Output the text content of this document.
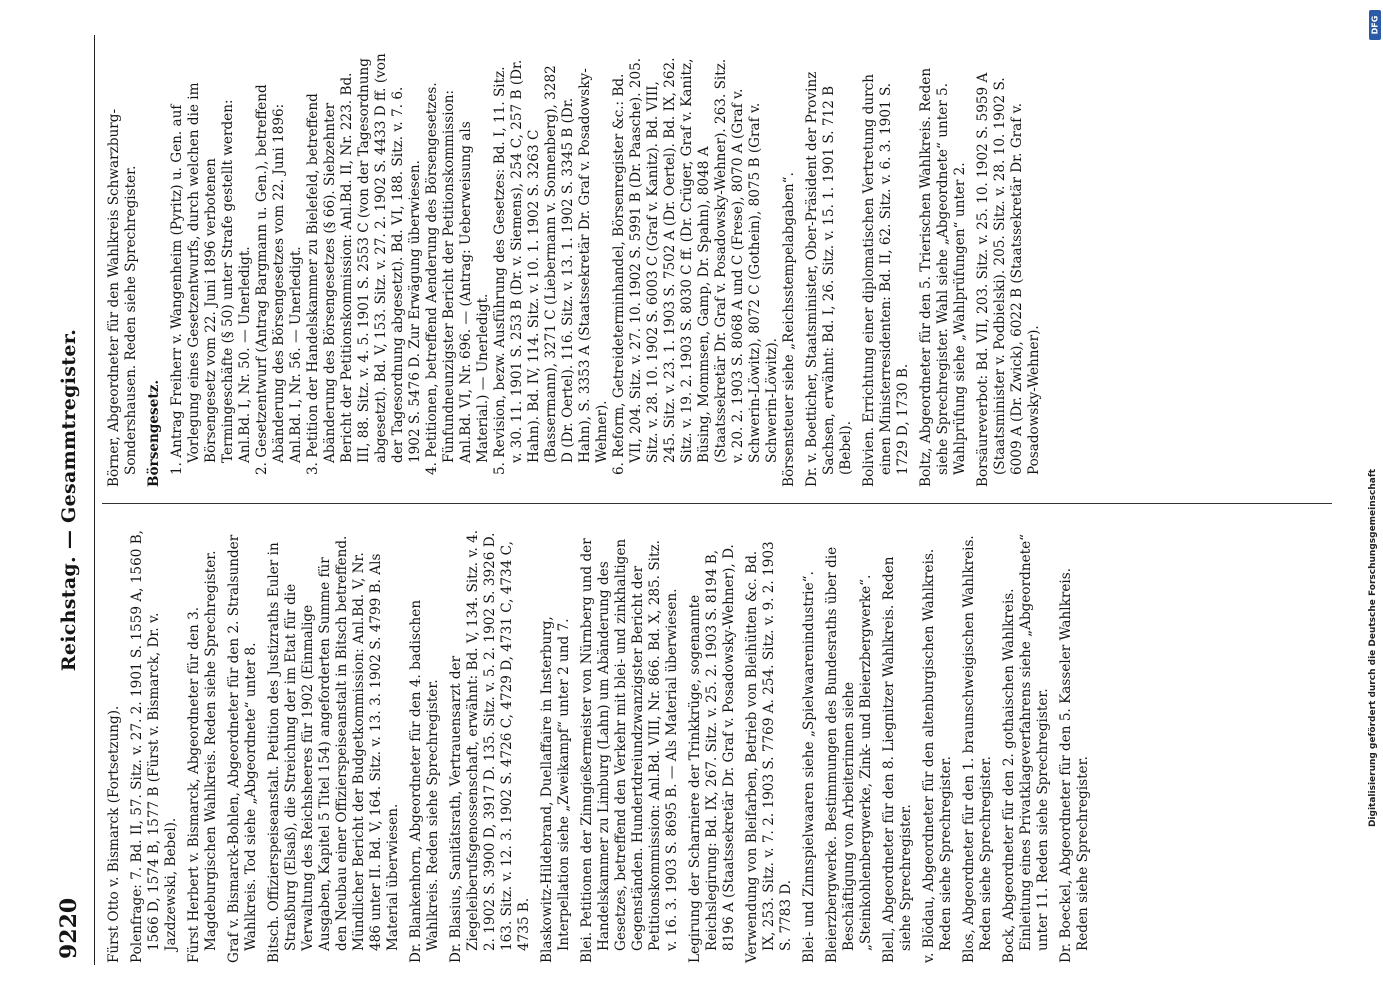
9220
Reichstag. — Gesammtregister.

Fürst Otto v. Bismarck (Fortsetzung). Polenfrage: 7. Bd. II, 57. Sitz. v. 27. 2. 1901 S. 1559 A, 1560 B, 1566 D, 1574 B, 1577 B (Fürst v. Bismarck, Dr. v. Jazdzewski, Bebel). Fürst Herbert v. Bismarck, Abgeordneter für den 3. Magdeburgischen Wahlkreis. Reden siehe Sprechregister. Graf v. Bismarck-Bohlen, Abgeordneter für den 2. Stralsunder Wahlkreis. Tod siehe „Abgeordnete“ unter 8. Bitsch. Offizierspeiseanstalt. Petition des Justizraths Euler in Straßburg (Elsaß), die Streichung der im Etat für die Verwaltung des Reichsheeres für 1902 (Einmalige Ausgaben, Kapitel 5 Titel 154) angeforderten Summe für den Neubau einer Offizierspeiseanstalt in Bitsch betreffend. Mündlicher Bericht der Budgetkommission: Anl.Bd. V, Nr. 486 unter II. Bd. V, 164. Sitz. v. 13. 3. 1902 S. 4799 B. Als Material überwiesen. Dr. Blankenhorn, Abgeordneter für den 4. badischen Wahlkreis. Reden siehe Sprechregister. Dr. Blasius, Sanitätsrath, Vertrauensarzt der Ziegeleiberufsgenossenschaft, erwähnt: Bd. V, 134. Sitz. v. 4. 2. 1902 S. 3900 D, 3917 D. 135. Sitz. v. 5. 2. 1902 S. 3926 D. 163. Sitz. v. 12. 3. 1902 S. 4726 C, 4729 D, 4731 C, 4734 C, 4735 B. Blaskowitz-Hildebrand, Duellaffaire in Insterburg, Interpellation siehe „Zweikampf“ unter 2 und 7. Blei. Petitionen der Zinngießermeister von Nürnberg und der Handelskammer zu Limburg (Lahn) um Abänderung des Gesetzes, betreffend den Verkehr mit blei- und zinkhaltigen Gegenständen. Hundertdreiundzwanzigster Bericht der Petitionskommission: Anl.Bd. VIII, Nr. 866. Bd. X, 285. Sitz. v. 16. 3. 1903 S. 8695 B. — Als Material überwiesen. Legirung der Scharniere der Trinkkrüge, sogenannte Reichslegirung: Bd. IX, 267. Sitz. v. 25. 2. 1903 S. 8194 B, 8196 A (Staatssekretär Dr. Graf v. Posadowsky-Wehner), D. Verwendung von Bleifarben, Betrieb von Bleihütten &c. Bd. IX, 253. Sitz. v. 7. 2. 1903 S. 7769 A. 254. Sitz. v. 9. 2. 1903 S. 7783 D. Blei- und Zinnspielwaaren siehe „Spielwaarenindustrie“. Bleierzbergwerke. Bestimmungen des Bundesraths über die Beschäftigung von Arbeiterinnen siehe „Steinkohlenbergwerke, Zink- und Bleierzbergwerke“. Blell, Abgeordneter für den 8. Liegnitzer Wahlkreis. Reden siehe Sprechregister. v. Blödau, Abgeordneter für den altenburgischen Wahlkreis. Reden siehe Sprechregister. Blos, Abgeordneter für den 1. braunschweigischen Wahlkreis. Reden siehe Sprechregister. Bock, Abgeordneter für den 2. gothaischen Wahlkreis. Einleitung eines Privatklageverfahrens siehe „Abgeordnete“ unter 11. Reden siehe Sprechregister. Dr. Boeckel, Abgeordneter für den 5. Kasseler Wahlkreis. Reden siehe Sprechregister.

Börner, Abgeordneter für den Wahlkreis Schwarzburg-Sondershausen. Reden siehe Sprechregister. Börsengesetz. 1. Antrag Freiherr v. Wangenheim (Pyritz) u. Gen. auf Vorlegung eines Gesetzentwurfs, durch welchen die im Börsengesetz vom 22. Juni 1896 verbotenen Termingeschäfte (§ 50) unter Strafe gestellt werden: Anl.Bd. I, Nr. 50. — Unerledigt. 2. Gesetzentwurf (Antrag Bargmann u. Gen.), betreffend Abänderung des Börsengesetzes vom 22. Juni 1896: Anl.Bd. I, Nr. 56. — Unerledigt. 3. Petition der Handelskammer zu Bielefeld, betreffend Abänderung des Börsengesetzes (§ 66). Siebzehnter Bericht der Petitionskommission: Anl.Bd. II, Nr. 223. Bd. III, 88. Sitz. v. 4. 5. 1901 S. 2553 C (von der Tagesordnung abgesetzt). Bd. V, 153. Sitz. v. 27. 2. 1902 S. 4433 D ff. (von der Tagesordnung abgesetzt). Bd. VI, 188. Sitz. v. 7. 6. 1902 S. 5476 D. Zur Erwägung überwiesen. 4. Petitionen, betreffend Aenderung des Börsengesetzes. Fünfundneunzigster Bericht der Petitionskommission: Anl.Bd. VI, Nr. 696. — (Antrag: Ueberweisung als Material.) — Unerledigt. 5. Revision, bezw. Ausführung des Gesetzes: Bd. I, 11. Sitz. v. 30. 11. 1901 S. 253 B (Dr. v. Siemens), 254 C, 257 B (Dr. Hahn). Bd. IV, 114. Sitz. v. 10. 1. 1902 S. 3263 C (Bassermann), 3271 C (Liebermann v. Sonnenberg), 3282 D (Dr. Oertel). 116. Sitz. v. 13. 1. 1902 S. 3345 B (Dr. Hahn), S. 3353 A (Staatssekretär Dr. Graf v. Posadowsky-Wehner). 6. Reform, Getreideterminhandel, Börsenregister &c.: Bd. VII, 204. Sitz. v. 27. 10. 1902 S. 5991 B (Dr. Paasche). 205. Sitz. v. 28. 10. 1902 S. 6003 C (Graf v. Kanitz). Bd. VIII, 245. Sitz. v. 23. 1. 1903 S. 7502 A (Dr. Oertel). Bd. IX, 262. Sitz. v. 19. 2. 1903 S. 8030 C ff. (Dr. Crüger, Graf v. Kanitz, Büsing, Mommsen, Gamp, Dr. Spahn), 8048 A (Staatssekretär Dr. Graf v. Posadowsky-Wehner). 263. Sitz. v. 20. 2. 1903 S. 8068 A und C (Frese), 8070 A (Graf v. Schwerin-Löwitz), 8072 C (Gothein), 8075 B (Graf v. Schwerin-Löwitz). Börsensteuer siehe „Reichsstempelabgaben“. Dr. v. Boetticher, Staatsminister, Ober-Präsident der Provinz Sachsen, erwähnt: Bd. I, 26. Sitz. v. 15. 1. 1901 S. 712 B (Bebel). Bolivien. Errichtung einer diplomatischen Vertretung durch einen Ministerresidenten: Bd. II, 62. Sitz. v. 6. 3. 1901 S. 1729 D, 1730 B. Boltz, Abgeordneter für den 5. Trierischen Wahlkreis. Reden siehe Sprechregister. Wahl siehe „Abgeordnete“ unter 5. Wahlprüfung siehe „Wahlprüfungen“ unter 2. Borsäureverbot: Bd. VII, 203. Sitz. v. 25. 10. 1902 S. 5959 A (Staatsminister v. Podbielski). 205. Sitz. v. 28. 10. 1902 S. 6009 A (Dr. Zwick), 6022 B (Staatssekretär Dr. Graf v. Posadowsky-Wehner).

Digitalisierung gefördert durch die Deutsche Forschungsgemeinschaft
DFG
